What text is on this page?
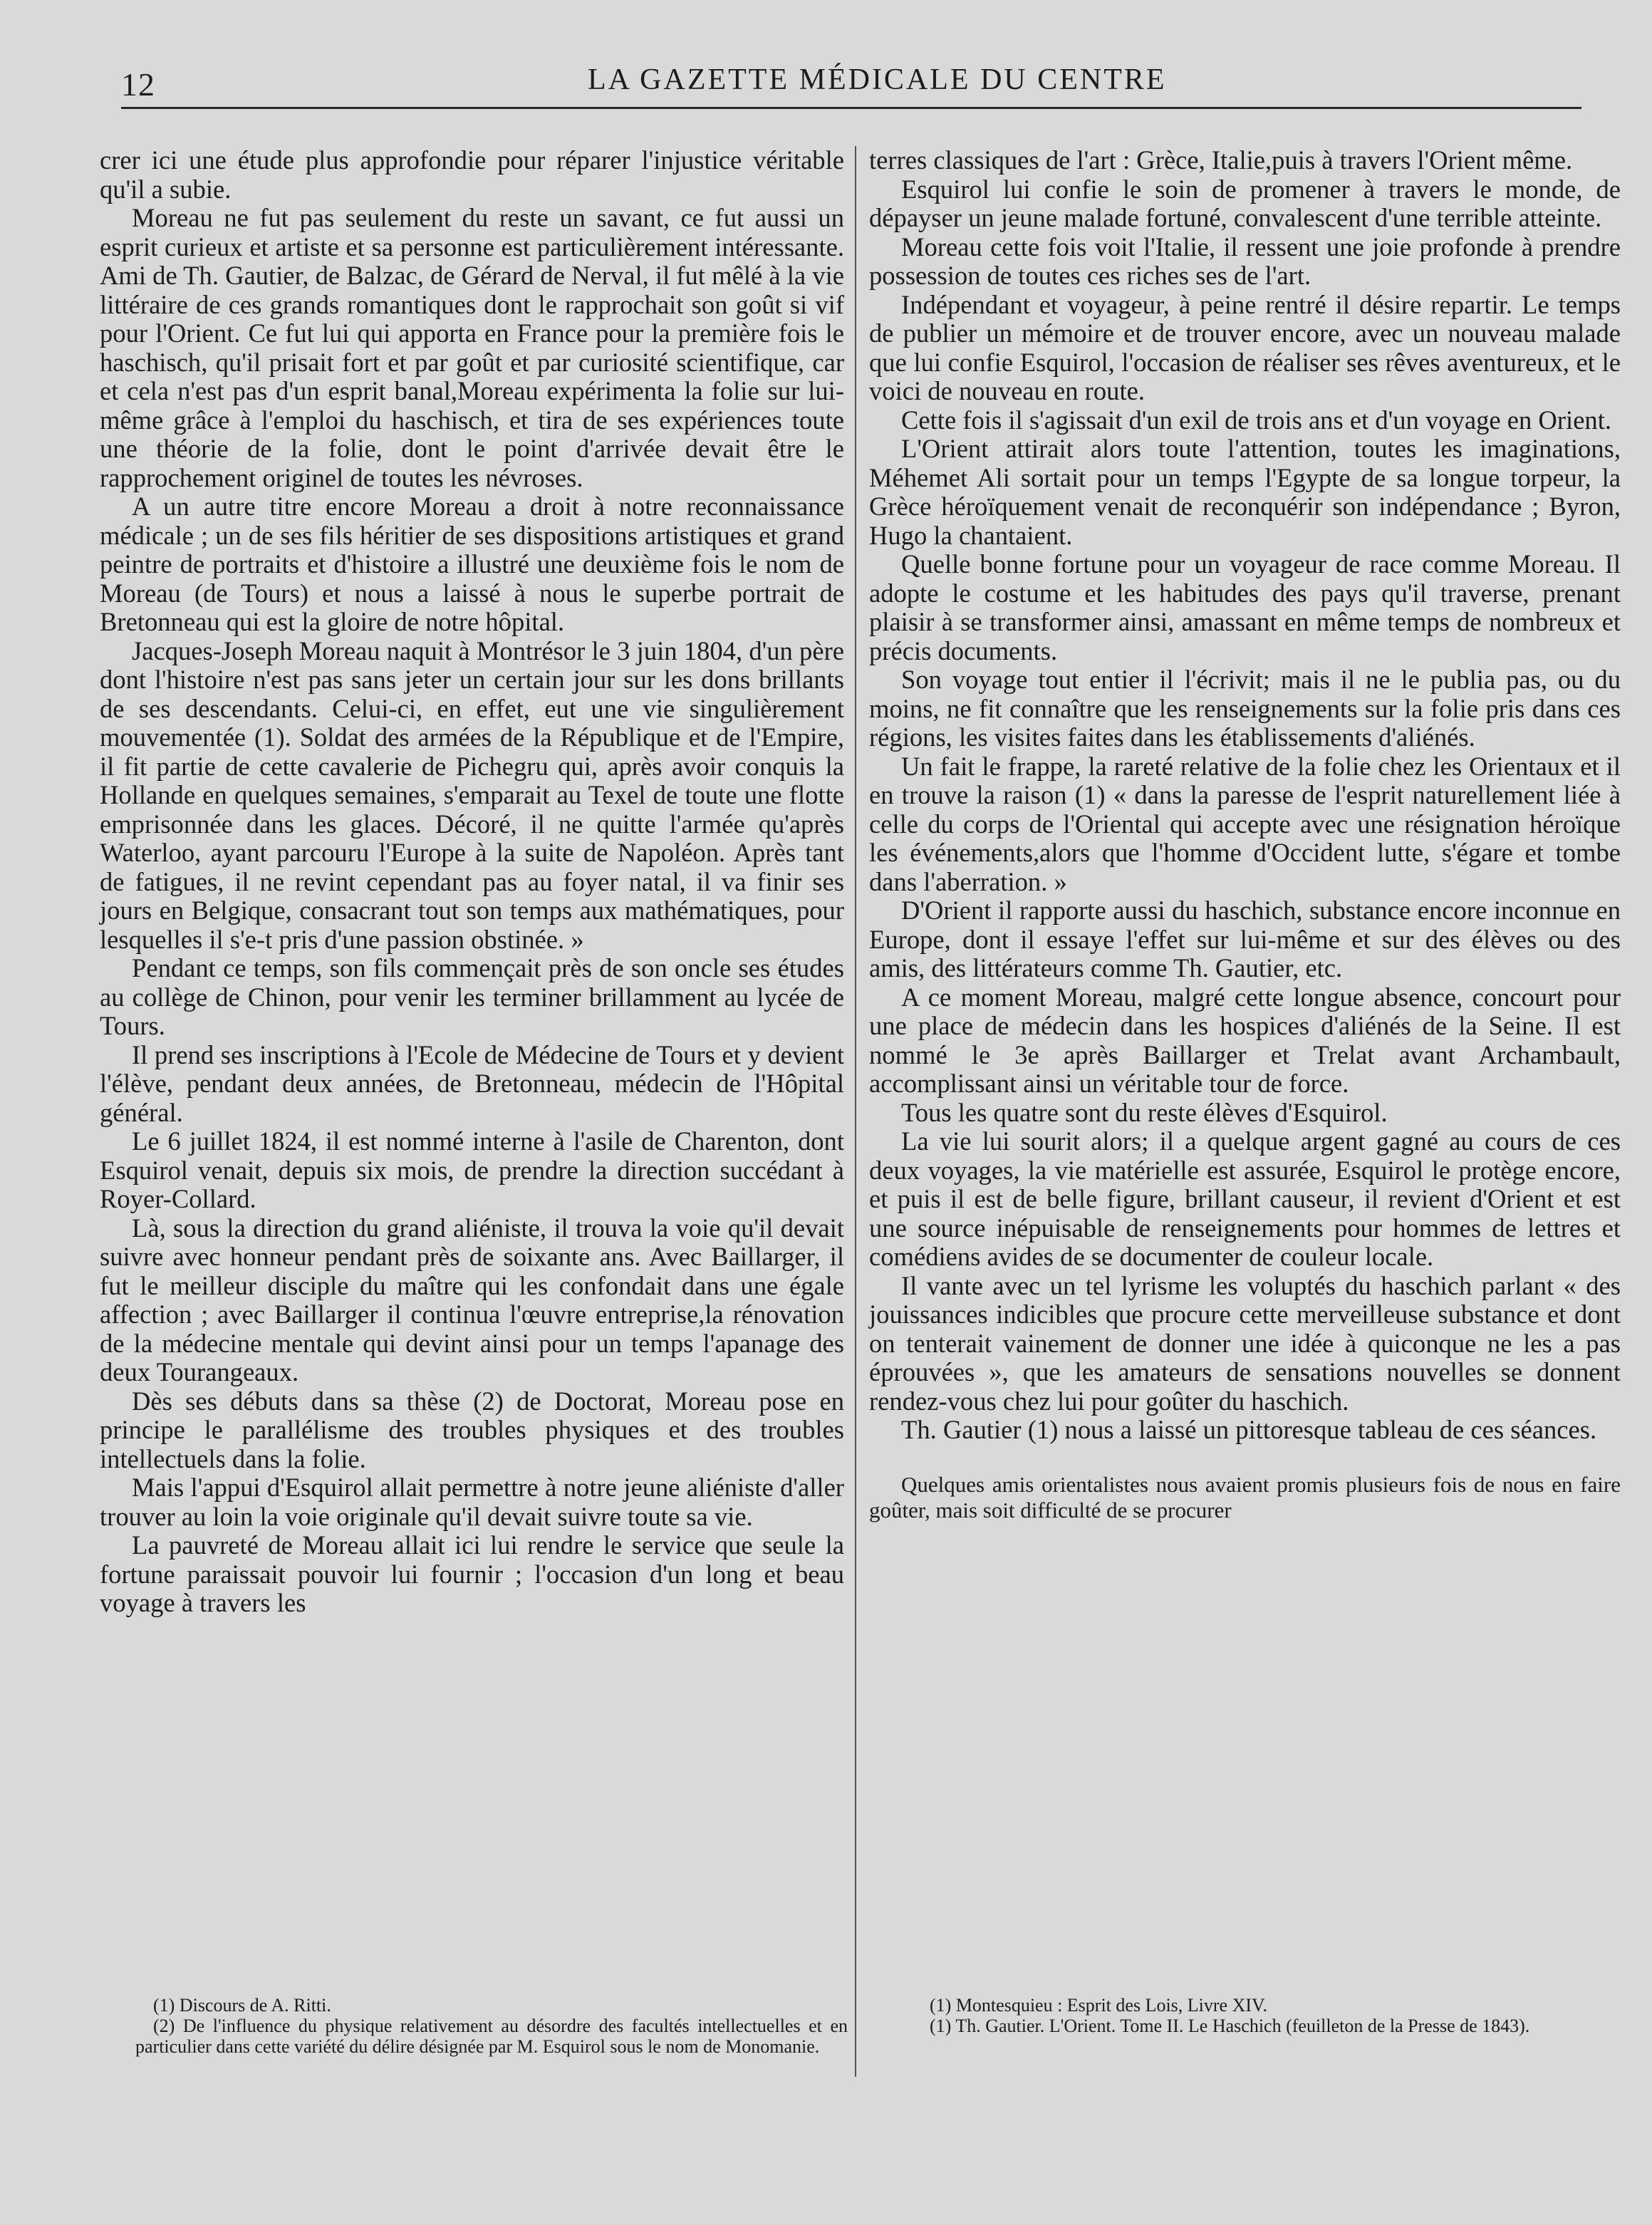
12	LA GAZETTE MÉDICALE DU CENTRE

crer ici une étude plus approfondie pour réparer l'injustice véritable qu'il a subie.

Moreau ne fut pas seulement du reste un savant, ce fut aussi un esprit curieux et artiste et sa personne est particulièrement intéressante. Ami de Th. Gautier, de Balzac, de Gérard de Nerval, il fut mêlé à la vie littéraire de ces grands romantiques dont le rapprochait son goût si vif pour l'Orient. Ce fut lui qui apporta en France pour la première fois le haschisch, qu'il prisait fort et par goût et par curiosité scientifique, car et cela n'est pas d'un esprit banal,Moreau expérimenta la folie sur lui-même grâce à l'emploi du haschisch, et tira de ses expériences toute une théorie de la folie, dont le point d'arrivée devait être le rapprochement originel de toutes les névroses.

A un autre titre encore Moreau a droit à notre reconnaissance médicale ; un de ses fils héritier de ses dispositions artistiques et grand peintre de portraits et d'histoire a illustré une deuxième fois le nom de Moreau (de Tours) et nous a laissé à nous le superbe portrait de Bretonneau qui est la gloire de notre hôpital.

Jacques-Joseph Moreau naquit à Montrésor le 3 juin 1804, d'un père dont l'histoire n'est pas sans jeter un certain jour sur les dons brillants de ses descendants. Celui-ci, en effet, eut une vie singulièrement mouvementée (1). Soldat des armées de la République et de l'Empire, il fit partie de cette cavalerie de Pichegru qui, après avoir conquis la Hollande en quelques semaines, s'emparait au Texel de toute une flotte emprisonnée dans les glaces. Décoré, il ne quitte l'armée qu'après Waterloo, ayant parcouru l'Europe à la suite de Napoléon. Après tant de fatigues, il ne revint cependant pas au foyer natal, il va finir ses jours en Belgique, consacrant tout son temps aux mathématiques, pour lesquelles il s'e-t pris d'une passion obstinée. »

Pendant ce temps, son fils commençait près de son oncle ses études au collège de Chinon, pour venir les terminer brillamment au lycée de Tours.

Il prend ses inscriptions à l'Ecole de Médecine de Tours et y devient l'élève, pendant deux années, de Bretonneau, médecin de l'Hôpital général.

Le 6 juillet 1824, il est nommé interne à l'asile de Charenton, dont Esquirol venait, depuis six mois, de prendre la direction succédant à Royer-Collard.

Là, sous la direction du grand aliéniste, il trouva la voie qu'il devait suivre avec honneur pendant près de soixante ans. Avec Baillarger, il fut le meilleur disciple du maître qui les confondait dans une égale affection ; avec Baillarger il continua l'œuvre entreprise,la rénovation de la médecine mentale qui devint ainsi pour un temps l'apanage des deux Tourangeaux.

Dès ses débuts dans sa thèse (2) de Doctorat, Moreau pose en principe le parallélisme des troubles physiques et des troubles intellectuels dans la folie.

Mais l'appui d'Esquirol allait permettre à notre jeune aliéniste d'aller trouver au loin la voie originale qu'il devait suivre toute sa vie.

La pauvreté de Moreau allait ici lui rendre le service que seule la fortune paraissait pouvoir lui fournir ; l'occasion d'un long et beau voyage à travers les

terres classiques de l'art : Grèce, Italie,puis à travers l'Orient même.

Esquirol lui confie le soin de promener à travers le monde, de dépayser un jeune malade fortuné, convalescent d'une terrible atteinte.

Moreau cette fois voit l'Italie, il ressent une joie profonde à prendre possession de toutes ces riches ses de l'art.

Indépendant et voyageur, à peine rentré il désire repartir. Le temps de publier un mémoire et de trouver encore, avec un nouveau malade que lui confie Esquirol, l'occasion de réaliser ses rêves aventureux, et le voici de nouveau en route.

Cette fois il s'agissait d'un exil de trois ans et d'un voyage en Orient.

L'Orient attirait alors toute l'attention, toutes les imaginations, Méhemet Ali sortait pour un temps l'Egypte de sa longue torpeur, la Grèce héroïquement venait de reconquérir son indépendance ; Byron, Hugo la chantaient.

Quelle bonne fortune pour un voyageur de race comme Moreau. Il adopte le costume et les habitudes des pays qu'il traverse, prenant plaisir à se transformer ainsi, amassant en même temps de nombreux et précis documents.

Son voyage tout entier il l'écrivit; mais il ne le publia pas, ou du moins, ne fit connaître que les renseignements sur la folie pris dans ces régions, les visites faites dans les établissements d'aliénés.

Un fait le frappe, la rareté relative de la folie chez les Orientaux et il en trouve la raison (1) « dans la paresse de l'esprit naturellement liée à celle du corps de l'Oriental qui accepte avec une résignation héroïque les événements,alors que l'homme d'Occident lutte, s'égare et tombe dans l'aberration. »

D'Orient il rapporte aussi du haschich, substance encore inconnue en Europe, dont il essaye l'effet sur lui-même et sur des élèves ou des amis, des littérateurs comme Th. Gautier, etc.

A ce moment Moreau, malgré cette longue absence, concourt pour une place de médecin dans les hospices d'aliénés de la Seine. Il est nommé le 3e après Baillarger et Trelat avant Archambault, accomplissant ainsi un véritable tour de force.

Tous les quatre sont du reste élèves d'Esquirol.

La vie lui sourit alors; il a quelque argent gagné au cours de ces deux voyages, la vie matérielle est assurée, Esquirol le protège encore, et puis il est de belle figure, brillant causeur, il revient d'Orient et est une source inépuisable de renseignements pour hommes de lettres et comédiens avides de se documenter de couleur locale.

Il vante avec un tel lyrisme les voluptés du haschich parlant « des jouissances indicibles que procure cette merveilleuse substance et dont on tenterait vainement de donner une idée à quiconque ne les a pas éprouvées », que les amateurs de sensations nouvelles se donnent rendez-vous chez lui pour goûter du haschich.

Th. Gautier (1) nous a laissé un pittoresque tableau de ces séances.

Quelques amis orientalistes nous avaient promis plusieurs fois de nous en faire goûter, mais soit difficulté de se procurer

(1) Discours de A. Ritti.

(2) De l'influence du physique relativement au désordre des facultés intellectuelles et en particulier dans cette variété du délire désignée par M. Esquirol sous le nom de Monomanie.

(1) Montesquieu : Esprit des Lois, Livre XIV.

(1) Th. Gautier. L'Orient. Tome II. Le Haschich (feuilleton de la Presse de 1843).
